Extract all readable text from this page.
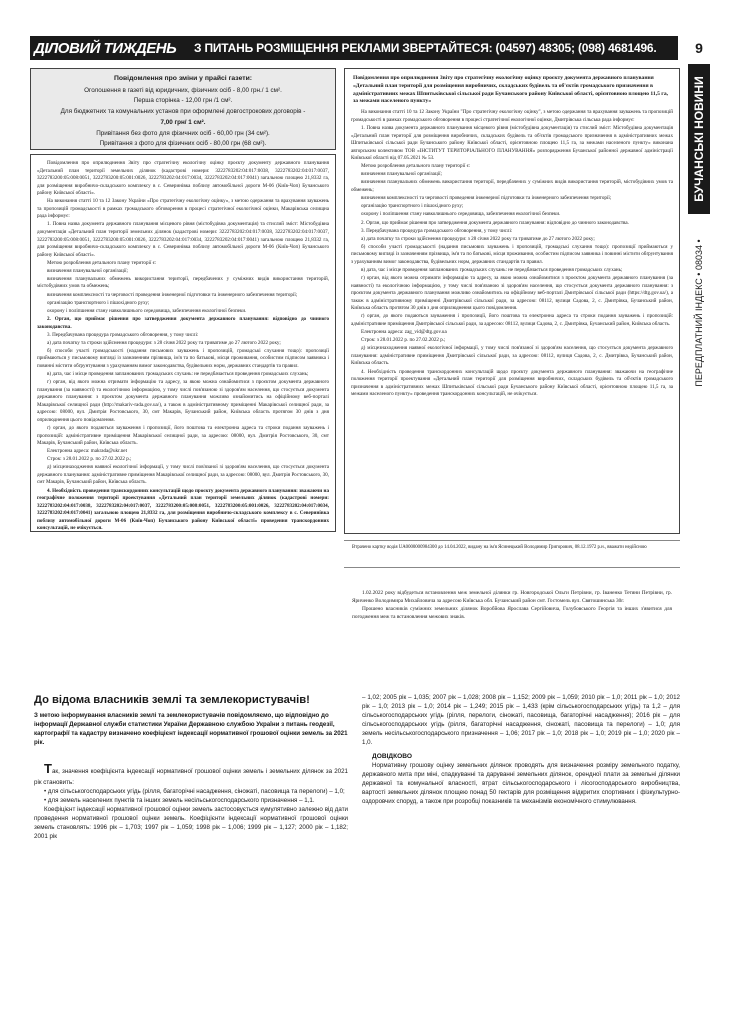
ДІЛОВИЙ ТИЖДЕНЬ	З ПИТАНЬ РОЗМІЩЕННЯ РЕКЛАМИ ЗВЕРТАЙТЕСЯ: (04597) 48305; (098) 4681496.	9
БУЧАНСЬКІ НОВИНИ
ПЕРЕДПЛАТНИЙ ІНДЕКС • 08034 •

Повідомлення про зміни у прайсі газети:

Оголошення в газеті від юридичних, фізичних осіб - 8,00 грн./ 1 см².

Перша сторінка - 12,00 грн /1 см².

Для бюджетних та комунальних установ при оформлені довгострокових договорів -

7,00 грн/ 1 см².

Привітання без фото для фізичних осіб - 60,00 грн (34 см²).

Привітання з фото для фізичних осіб - 80,00 грн (68 см²).

Повідомлення про оприлюднення Звіту про стратегічну екологічну оцінку проєкту документу державного планування «Детальний план території земельних ділянок (кадастрові номери: 3222783202:04:017:0038, 3222783202:04:017:0037, 3222783200:05:008:0051, 3222783200:05:001:0026, 3222783202:04:017:0034, 3222783202:04:017:0041) загальною площею 21,8332 га, для розміщення виробничо-складського комплексу в с. Северинівка поблизу автомобільної дороги М-06 (Київ-Чоп) Бучанського району Київської області».

На виконання статті 10 та 12 Закону України «Про стратегічну екологічну оцінку», з метою одержання та врахування зауважень та пропозицій громадськості в рамках громадського обговорення в процесі стратегічної екологічної оцінки, Макарівська селищна рада інформує:

1. Повна назва документа державного планування місцевого рівня (містобудівна документація) та стислий зміст: Містобудівна документація «Детальний план території земельних ділянок (кадастрові номери: 3222783202:04:017:0038, 3222783202:04:017:0037, 3222783200:05:008:0051, 3222783200:05:001:0026, 3222783202:04:017:0034, 3222783202:04:017:0041) загальною площею 21,8332 га, для розміщення виробничо-складського комплексу в с. Северинівка поблизу автомобільної дороги М-06 (Київ-Чоп) Бучанського району Київської області».

Метою розроблення детального плану території є:

визначення планувальної організації;

визначення планувальних обмежень використання території, передбачених у суміжних видів використання територій, містобудівних умов та обмежень;

визначення комплексності та черговості проведення інженерної підготовки та інженерного забезпечення території;

організацію транспортного і пішохідного руху;

охорону і поліпшення стану навколишнього середовища, забезпечення екологічної безпеки.

2. Орган, що приймає рішення про затвердження документа державного планування: відповідно до чинного законодавства.

3. Передбачувана процедура громадського обговорення, у тому числі:

а) дата початку та строки здійснення процедури: з 28 січня 2022 року та триватиме до 27 лютого 2022 року;

б) способи участі громадськості (надання письмових зауважень і пропозицій, громадські слухання тощо): пропозиції приймаються у письмовому вигляді із зазначенням прізвища, ім'я та по батькові, місця проживання, особистим підписом заявника і повинні містити обґрунтування з урахуванням вимог законодавства, будівельних норм, державних стандартів та правил.

в) дата, час і місце проведення запланованих громадських слухань: не передбачається проведення громадських слухань;

г) орган, від якого можна отримати інформацію та адресу, за якою можна ознайомитися з проєктом документа державного планування (за наявності) та екологічною інформацією, у тому числі пов'язаною зі здоров'ям населення, що стосується документа державного планування: з проєктом документа державного планування можливо ознайомитись на офіційному веб-порталі Макарівської селищної ради (http://makariv-rada.gov.ua/), а також в адміністративному приміщенні Макарівської селищної ради, за адресою: 08000, вул. Дмитрія Ростовського, 30, смт Макарів, Бучанський район, Київська область протягом 30 днів з дня оприлюднення цього повідомлення.

ґ) орган, до якого подаються зауваження і пропозиції, його поштова та електронна адреса та строки подання зауважень і пропозицій: адміністративне приміщення Макарівської селищної ради, за адресою: 08000, вул. Дмитрія Ростовського, 30, смт Макарів, Бучанський район, Київська область.

Електронна адреса: makrada@ukr.net

Строк: з 28.01.2022 р. по 27.02.2022 р.;

д) місцезнаходження наявної екологічної інформації, у тому числі пов'язаної зі здоров'ям населення, що стосується документа державного планування: адміністративне приміщення Макарівської селищної ради, за адресою: 08000, вул. Дмитрія Ростовського, 30, смт Макарів, Бучанський район, Київська область.

4. Необхідність проведення транскордонних консультацій щодо проєкту документа державного планування: зважаючи на географічне положення території проектування «Детальний план території земельних ділянок (кадастрові номери: 3222783202:04:017:0038, 3222783202:04:017:0037, 3222783200:05:008:0051, 3222783200:05:001:0026, 3222783202:04:017:0034, 3222783202:04:017:0041) загальною площею 21,8332 га, для розміщення виробничо-складського комплексу в с. Северинівка поблизу автомобільної дороги М-06 (Київ-Чоп) Бучанського району Київської області» проведення транскордонних консультацій, не очікується.

Повідомлення про оприлюднення Звіту про стратегічну екологічну оцінку проєкту документа державного планування «Детальний план території для розміщення виробничих, складських будівель та об'єктів громадського призначення в адміністративних межах Шпитьківської сільської ради Бучанського району Київської області, орієнтовною площею 11,5 га, за межами населеного пункту»

На виконання статті 10 та 12 Закону України "Про стратегічну екологічну оцінку", з метою одержання та врахування зауважень та пропозицій громадськості в рамках громадського обговорення в процесі стратегічної екологічної оцінки, Дмитрівська сільська рада інформує:

1. Повна назва документа державного планування місцевого рівня (містобудівна документація) та стислий зміст: Містобудівна документація «Детальний план території для розміщення виробничих, складських будівель та об'єктів громадського призначення в адміністративних межах Шпитьківської сільської ради Бучанського району Київської області, орієнтовною площею 11,5 га, за межами населеного пункту» виконана авторським колективом ТОВ «ІНСТИТУТ ТЕРИТОРІАЛЬНОГО ПЛАНУВАННЯ» розпорядження Бучанської районної державної адміністрації Київської області від 07.05.2021 № 53.

Метою розроблення детального плану території є:

визначення планувальної організації;

визначення планувальних обмежень використання території, передбачених у суміжних видів використання територій, містобудівних умов та обмежень;

визначення комплексності та черговості проведення інженерної підготовки та інженерного забезпечення території;

організацію транспортного і пішохідного руху;

охорону і поліпшення стану навколишнього середовища, забезпечення екологічної безпеки.

2. Орган, що приймає рішення про затвердження документа державного планування: відповідно до чинного законодавства.

3. Передбачувана процедура громадського обговорення, у тому числі:

а) дата початку та строки здійснення процедури: з 28 січня 2022 року та триватиме до 27 лютого 2022 року;

б) способи участі громадськості (надання письмових зауважень і пропозицій, громадські слухання тощо): пропозиції приймаються у письмовому вигляді із зазначенням прізвища, ім'я та по батькові, місця проживання, особистим підписом заявника і повинні містити обґрунтування з урахуванням вимог законодавства, будівельних норм, державних стандартів та правил.

в) дата, час і місце проведення запланованих громадських слухань: не передбачається проведення громадських слухань;

г) орган, від якого можна отримати інформацію та адресу, за якою можна ознайомитися з проєктом документа державного планування (за наявності) та екологічною інформацією, у тому числі пов'язаною зі здоров'ям населення, що стосується документа державного планування: з проєктом документа державного планування можливо ознайомитись на офіційному веб-порталі Дмитрівської сільської ради (https://dtg.gov.ua/), а також в адміністративному приміщенні Дмитрівської сільської ради, за адресою: 08112, вулиця Садова, 2, с. Дмитрівка, Бучанський район, Київська область протягом 30 днів з дня оприлюднення цього повідомлення.

ґ) орган, до якого подаються зауваження і пропозиції, його поштова та електронна адреса та строки подання зауважень і пропозицій: адміністративне приміщення Дмитрівської сільської ради, за адресою: 08112, вулиця Садова, 2, с. Дмитрівка, Бучанський район, Київська область.

Електронна адреса: zag_vid@dtg.gov.ua

Строк: з 28.01.2022 р. по 27.02.2022 р.;

д) місцезнаходження наявної екологічної інформації, у тому числі пов'язаної зі здоров'ям населення, що стосується документа державного планування: адміністративне приміщення Дмитрівської сільської ради, за адресою: 08112, вулиця Садова, 2, с. Дмитрівка, Бучанський район, Київська область.

4. Необхідність проведення транскордонних консультацій щодо проєкту документа державного планування: зважаючи на географічне положення території проектування «Детальний план території для розміщення виробничих, складських будівель та об'єктів громадського призначення в адміністративних межах Шпитьківської сільської ради Бучанського району Київської області, орієнтовною площею 11,5 га, за межами населеного пункту» проведення транскордонних консультацій, не очікується.

Втрачено картку водія UA0000000984300 до 14.04.2022, видану на ім'я Ясинецький Володимир Григорович, 08.12.1972 р.н., вважати недійсною

1.02.2022 року відбудеться встановлення меж земельної ділянки гр. Новгородської Ольги Петрівни, гр. Іваненко Тетяни Петрівни, гр. Яриченко Володимира Михайловича за адресою Київська обл. Бучанський район смт. Гостомель вул. Святошинська 30г.

Прошено власників суміжних земельних ділянок Воробйова Ярослава Сергійовича, Голубовського Георгія та інших з'явитися для погодження меж та встановлення межових знаків.

До відома власників землі та землекористувачів!
З метою інформування власників землі та землекористувачів повідомляємо, що відповідно до інформації Державної служби статистики України Державною службою України з питань геодезії, картографії та кадастру визначено коефіцієнт індексації нормативної грошової оцінки земель за 2021 рік.

Так, значення коефіцієнта індексації нормативної грошової оцінки земель і земельних ділянок за 2021 рік становить:

• для сільськогосподарських угідь (рілля, багаторічні насадження, сіножаті, пасовища та перелоги) – 1,0;

• для земель населених пунктів та інших земель несільськогосподарського призначення – 1,1.

Коефіцієнт індексації нормативної грошової оцінки земель застосовується кумулятивно залежно від дати проведення нормативної грошової оцінки земель. Коефіцієнти індексації нормативної грошової оцінки земель становлять: 1996 рік – 1,703; 1997 рік – 1,059; 1998 рік – 1,006; 1999 рік – 1,127; 2000 рік – 1,182; 2001 рік

– 1,02; 2005 рік – 1,035; 2007 рік – 1,028; 2008 рік – 1,152; 2009 рік – 1,059; 2010 рік – 1,0; 2011 рік – 1,0; 2012 рік – 1,0; 2013 рік – 1,0; 2014 рік – 1,249; 2015 рік – 1,433 (крім сільськогосподарських угідь) та 1,2 – для сільськогосподарських угідь (рілля, перелоги, сіножаті, пасовища, багаторічні насадження); 2016 рік – для сільськогосподарських угідь (рілля, багаторічні насадження, сіножаті, пасовища та перелоги) – 1,0; для земель несільськогосподарського призначення – 1,06; 2017 рік – 1,0; 2018 рік – 1,0; 2019 рік – 1,0; 2020 рік – 1,0.

ДОВІДКОВО

Нормативну грошову оцінку земельних ділянок проводять для визначення розміру земельного податку, державного мита при міні, спадкуванні та даруванні земельних ділянок, орендної плати за земельні ділянки державної та комунальної власності, втрат сільськогосподарського і лісогосподарського виробництва, вартості земельних ділянок площею понад 50 гектарів для розміщення відкритих спортивних і фізкультурно-оздоровчих споруд, а також при розробці показників та механізмів економічного стимулювання.
